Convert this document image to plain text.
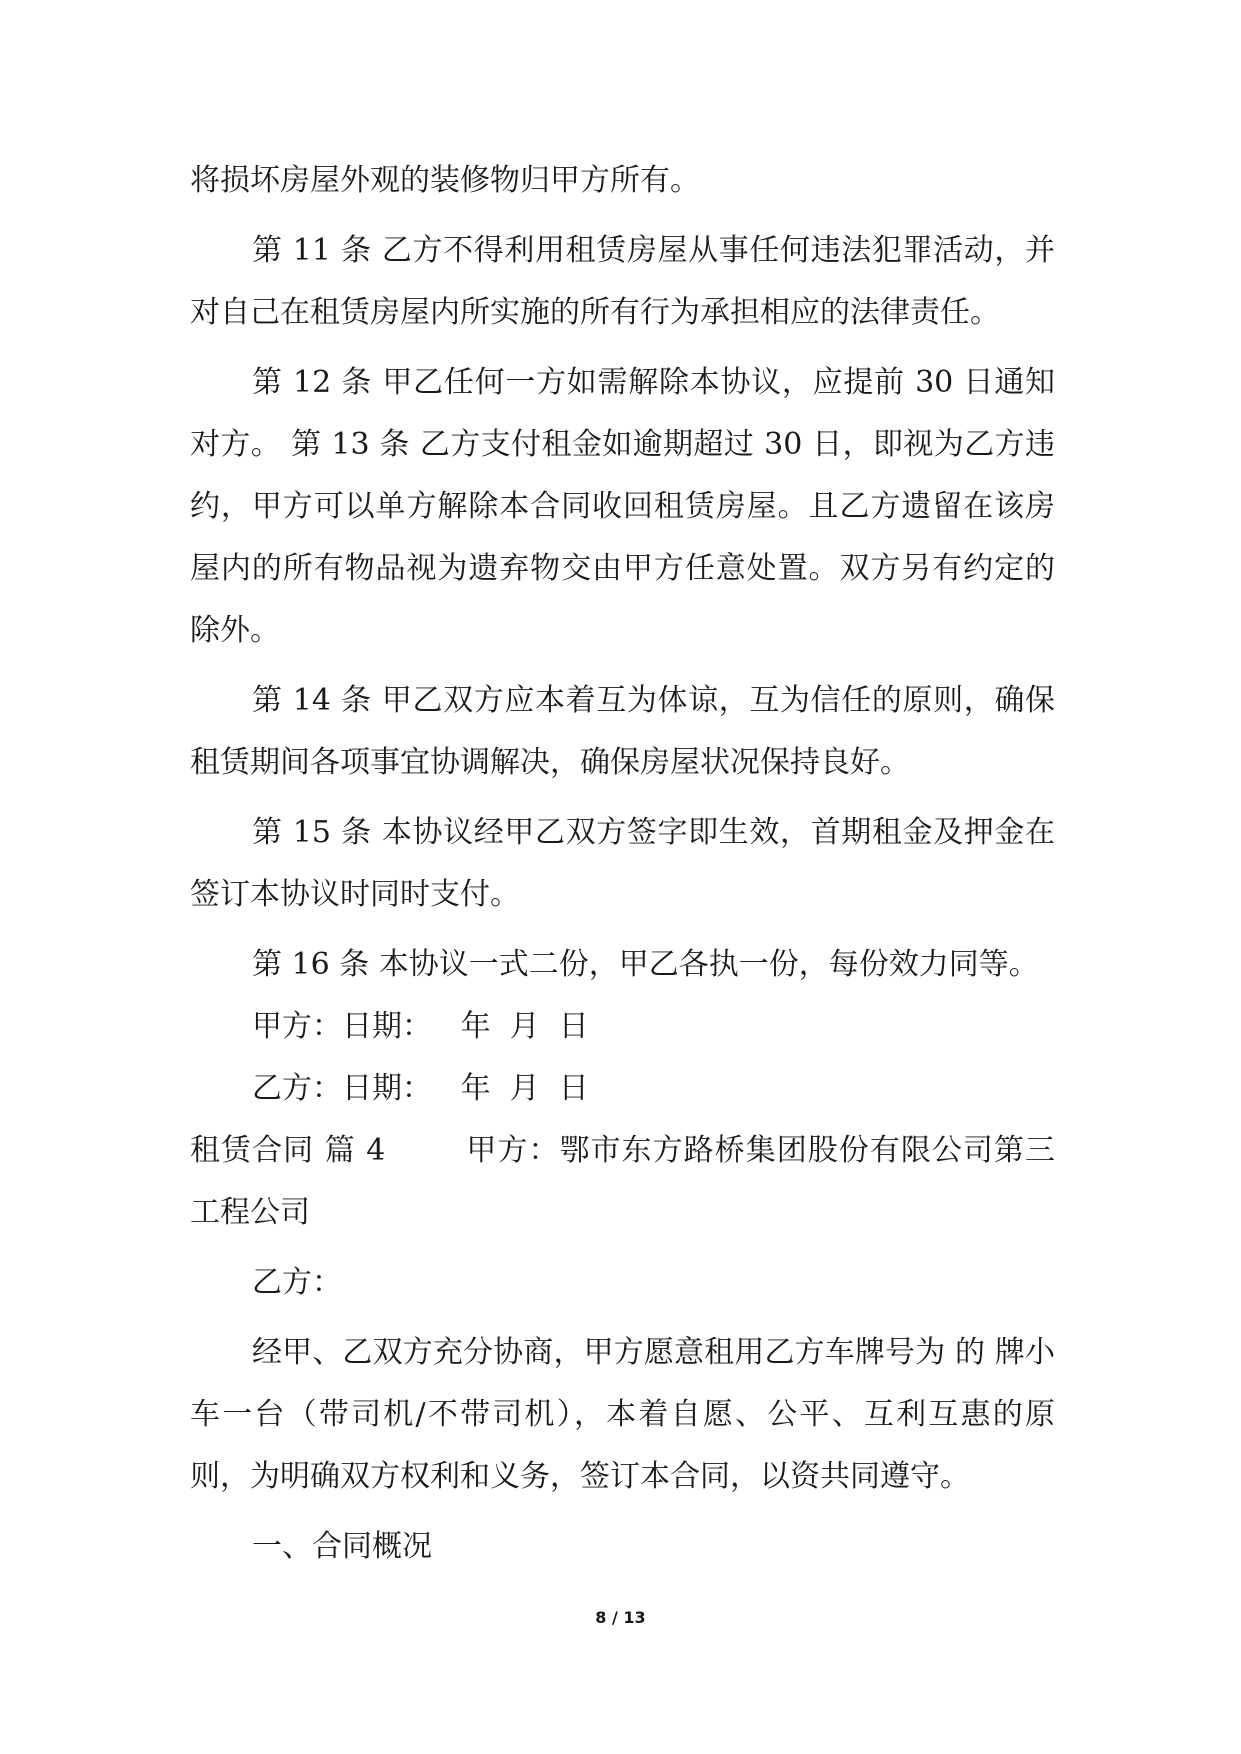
将损坏房屋外观的装修物归甲方所有。

第 11 条 乙方不得利用租赁房屋从事任何违法犯罪活动，并对自己在租赁房屋内所实施的所有行为承担相应的法律责任。

第 12 条 甲乙任何一方如需解除本协议，应提前 30 日通知对方。 第 13 条 乙方支付租金如逾期超过 30 日，即视为乙方违约，甲方可以单方解除本合同收回租赁房屋。且乙方遗留在该房屋内的所有物品视为遗弃物交由甲方任意处置。双方另有约定的除外。

第 14 条 甲乙双方应本着互为体谅，互为信任的原则，确保租赁期间各项事宜协调解决，确保房屋状况保持良好。

第 15 条 本协议经甲乙双方签字即生效，首期租金及押金在签订本协议时同时支付。

第 16 条 本协议一式二份，甲乙各执一份，每份效力同等。

甲方：日期：   年  月  日

乙方：日期：   年  月  日

租赁合同 篇 4	甲方：鄂市东方路桥集团股份有限公司第三工程公司

乙方：

经甲、乙双方充分协商，甲方愿意租用乙方车牌号为 的 牌小车一台（带司机/不带司机），本着自愿、公平、互利互惠的原则，为明确双方权利和义务，签订本合同，以资共同遵守。

一、合同概况

8 / 13
